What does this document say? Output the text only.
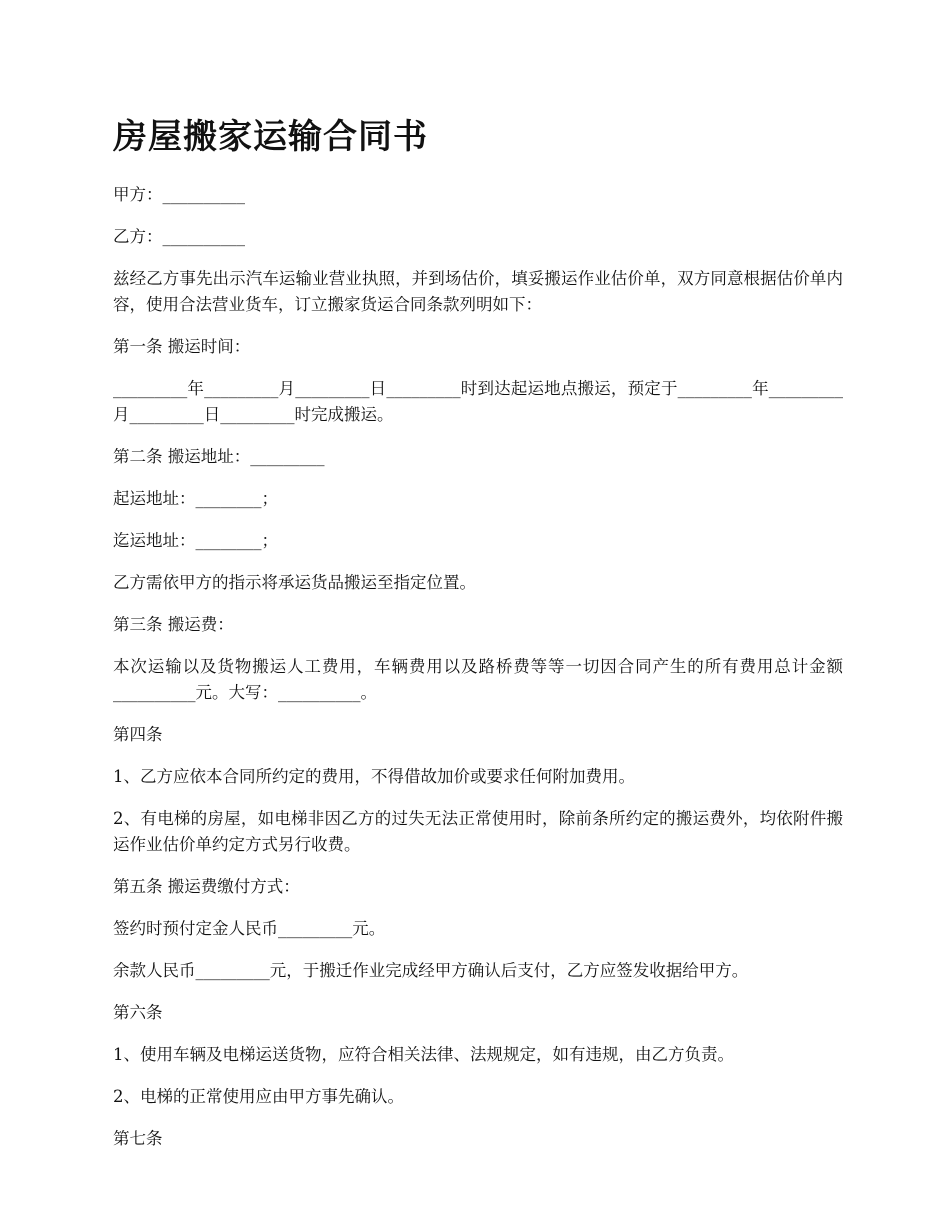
房屋搬家运输合同书

甲方：__________

乙方：__________

兹经乙方事先出示汽车运输业营业执照，并到场估价，填妥搬运作业估价单，双方同意根据估价单内容，使用合法营业货车，订立搬家货运合同条款列明如下：

第一条 搬运时间：

_________年_________月_________日_________时到达起运地点搬运，预定于_________年_________月_________日_________时完成搬运。

第二条 搬运地址：_________

起运地址：________；

迄运地址：________；

乙方需依甲方的指示将承运货品搬运至指定位置。

第三条 搬运费：

本次运输以及货物搬运人工费用，车辆费用以及路桥费等等一切因合同产生的所有费用总计金额__________元。大写：__________。

第四条

1、乙方应依本合同所约定的费用，不得借故加价或要求任何附加费用。

2、有电梯的房屋，如电梯非因乙方的过失无法正常使用时，除前条所约定的搬运费外，均依附件搬运作业估价单约定方式另行收费。

第五条 搬运费缴付方式：

签约时预付定金人民币_________元。

余款人民币_________元，于搬迁作业完成经甲方确认后支付，乙方应签发收据给甲方。

第六条

1、使用车辆及电梯运送货物，应符合相关法律、法规规定，如有违规，由乙方负责。

2、电梯的正常使用应由甲方事先确认。

第七条
